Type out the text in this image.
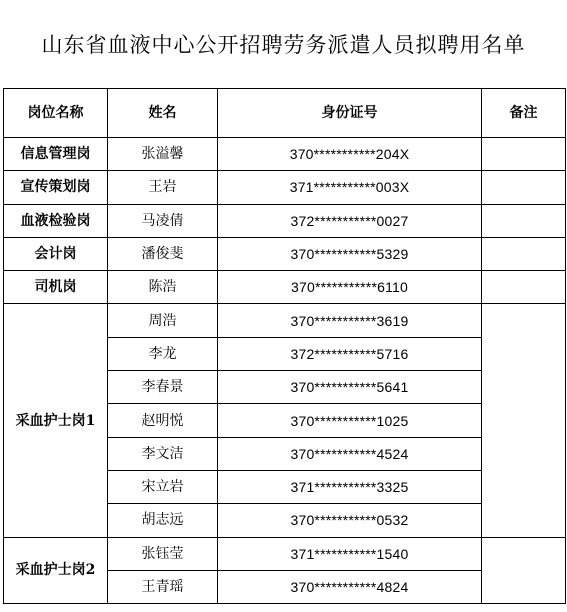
山东省血液中心公开招聘劳务派遣人员拟聘用名单
岗位名称	姓名	身份证号	备注
信息管理岗	张溢馨	370***********204X	
宣传策划岗	王岩	371***********003X	
血液检验岗	马凌倩	372***********0027	
会计岗	潘俊斐	370***********5329	
司机岗	陈浩	370***********6110	
采血护士岗1	周浩	370***********3619	
	李龙	372***********5716	
	李春景	370***********5641	
	赵明悦	370***********1025	
	李文洁	370***********4524	
	宋立岩	371***********3325	
	胡志远	370***********0532	
采血护士岗2	张钰莹	371***********1540	
	王青瑶	370***********4824	
